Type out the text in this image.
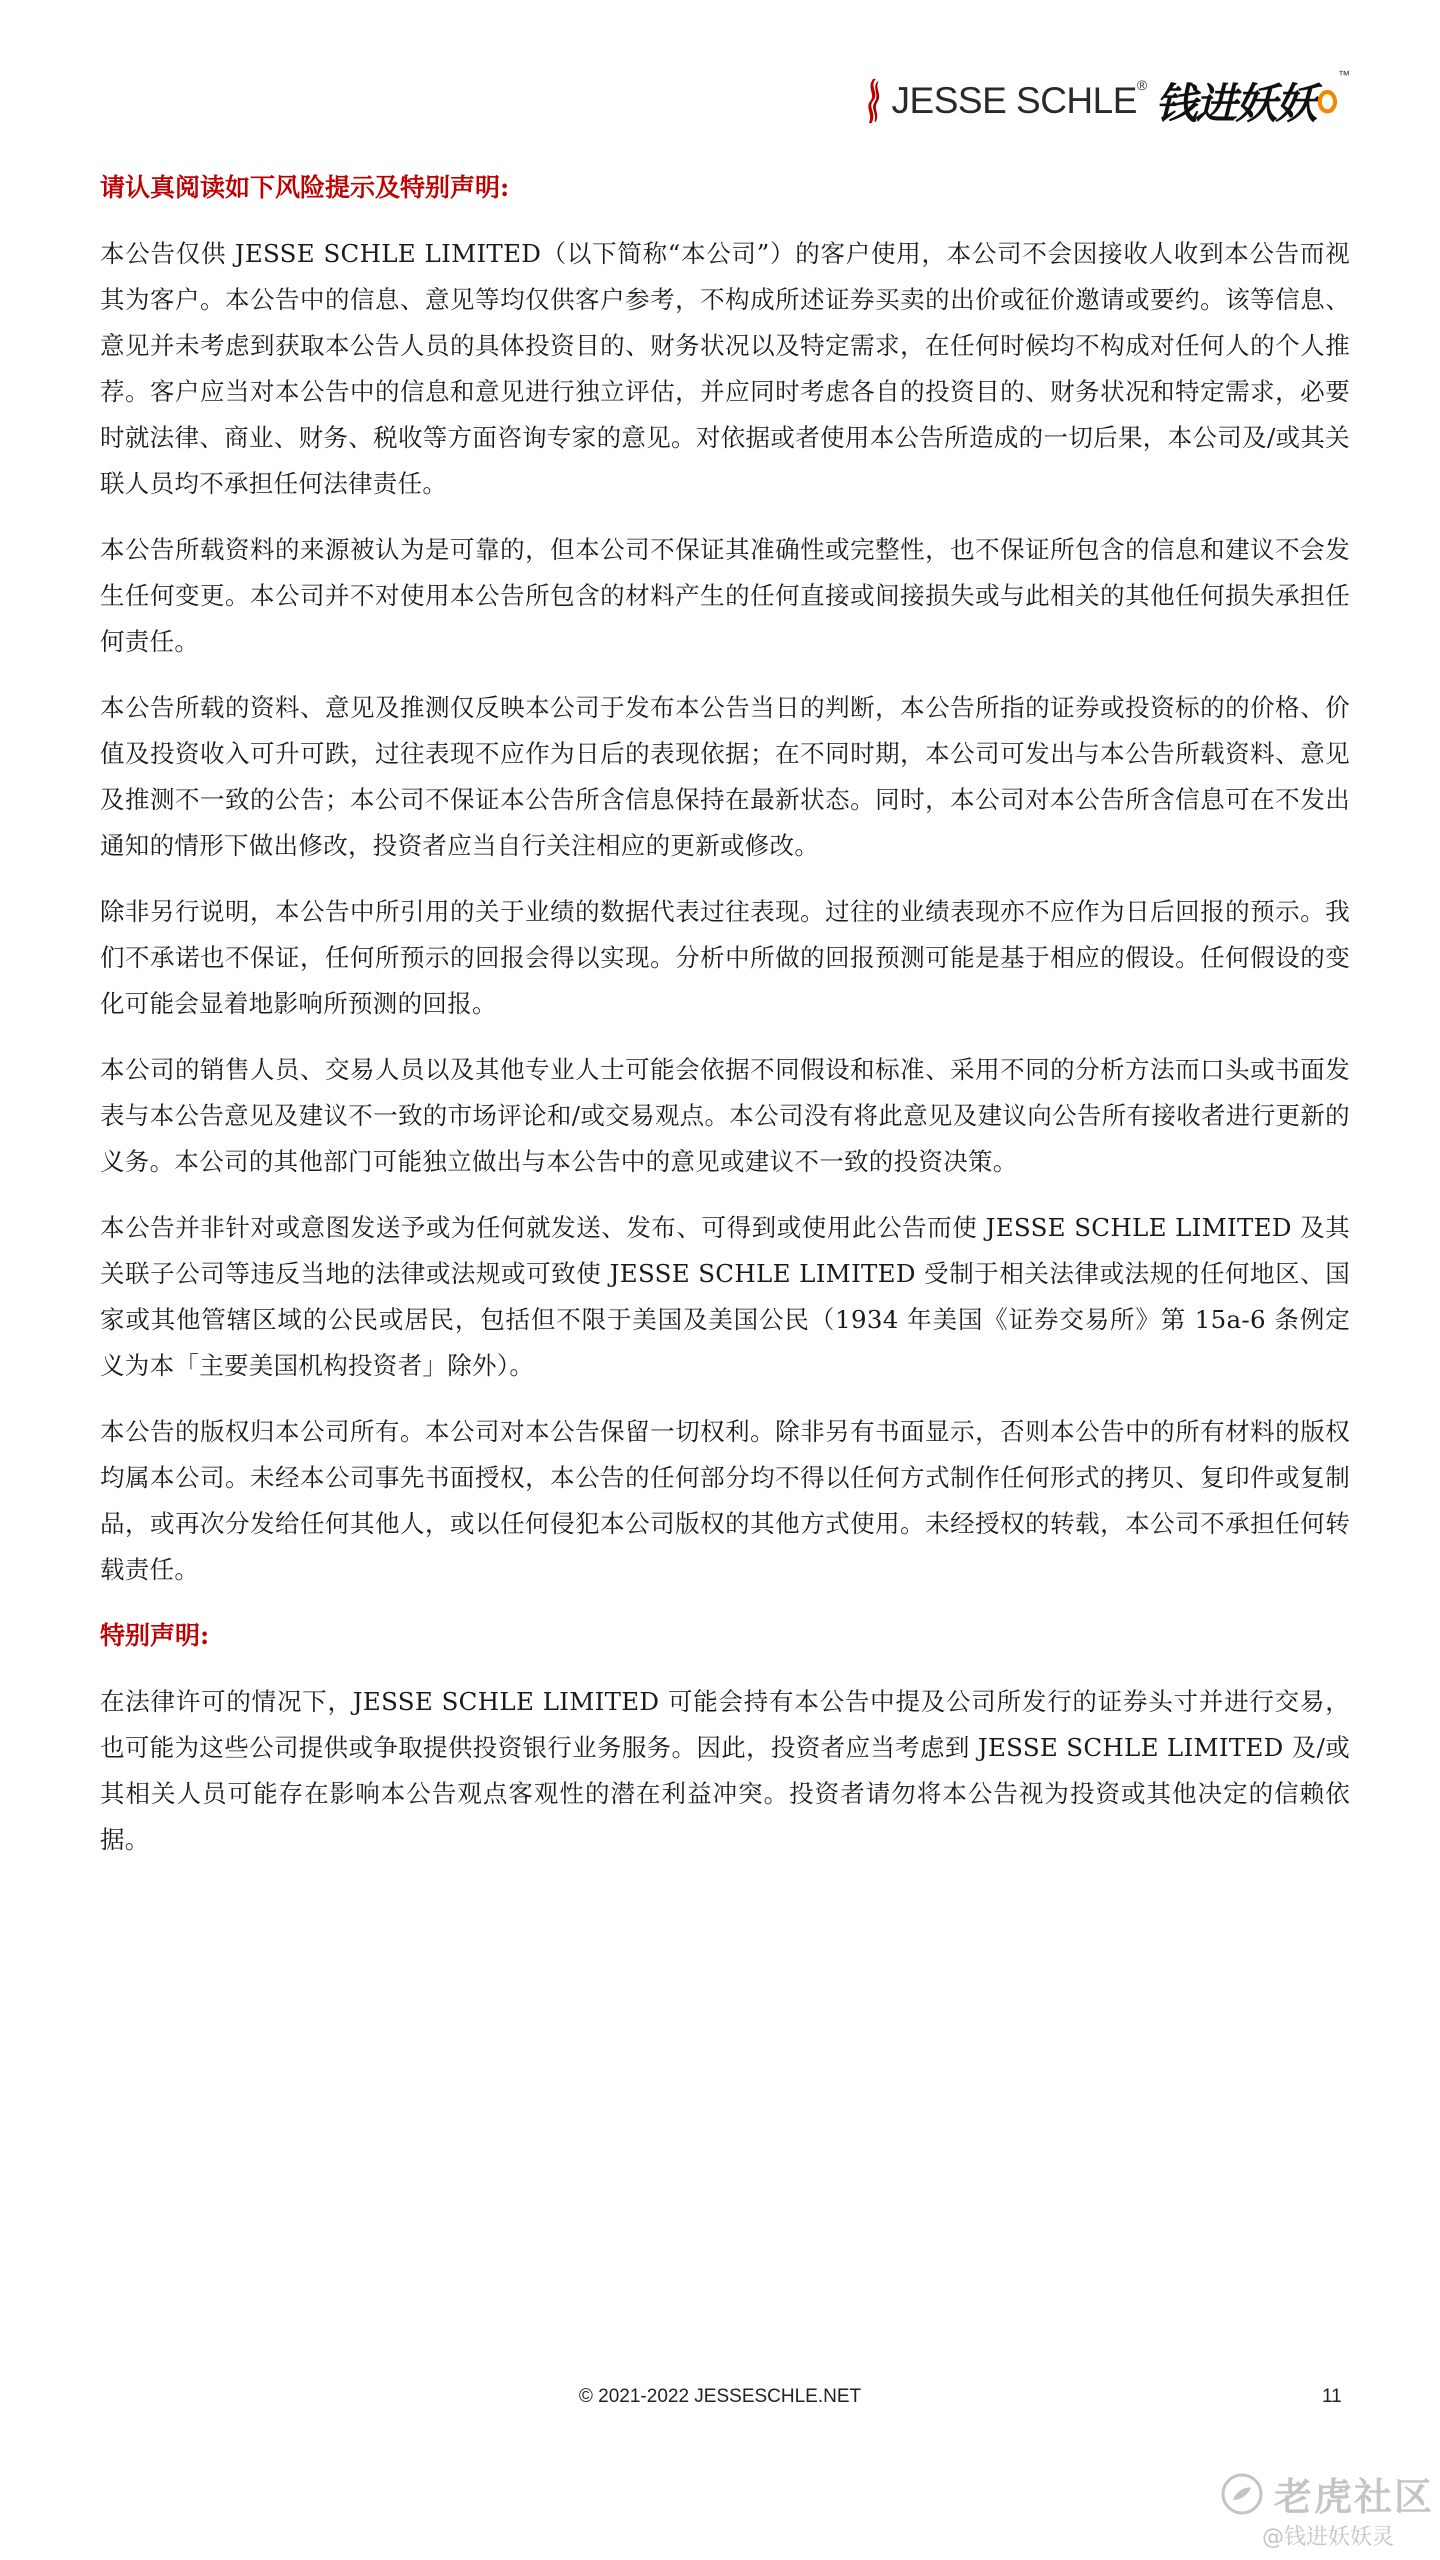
JESSE SCHLE ® 钱进妖妖
™
请认真阅读如下风险提示及特别声明:

本公告仅供 JESSE SCHLE LIMITED（以下简称“本公司”）的客户使用，本公司不会因接收人收到本公告而视其为客户。本公告中的信息、意见等均仅供客户参考，不构成所述证券买卖的出价或征价邀请或要约。该等信息、意见并未考虑到获取本公告人员的具体投资目的、财务状况以及特定需求，在任何时候均不构成对任何人的个人推荐。客户应当对本公告中的信息和意见进行独立评估，并应同时考虑各自的投资目的、财务状况和特定需求，必要时就法律、商业、财务、税收等方面咨询专家的意见。对依据或者使用本公告所造成的一切后果，本公司及/或其关联人员均不承担任何法律责任。

本公告所载资料的来源被认为是可靠的，但本公司不保证其准确性或完整性，也不保证所包含的信息和建议不会发生任何变更。本公司并不对使用本公告所包含的材料产生的任何直接或间接损失或与此相关的其他任何损失承担任何责任。

本公告所载的资料、意见及推测仅反映本公司于发布本公告当日的判断，本公告所指的证券或投资标的的价格、价值及投资收入可升可跌，过往表现不应作为日后的表现依据；在不同时期，本公司可发出与本公告所载资料、意见及推测不一致的公告；本公司不保证本公告所含信息保持在最新状态。同时，本公司对本公告所含信息可在不发出通知的情形下做出修改，投资者应当自行关注相应的更新或修改。

除非另行说明，本公告中所引用的关于业绩的数据代表过往表现。过往的业绩表现亦不应作为日后回报的预示。我们不承诺也不保证，任何所预示的回报会得以实现。分析中所做的回报预测可能是基于相应的假设。任何假设的变化可能会显着地影响所预测的回报。

本公司的销售人员、交易人员以及其他专业人士可能会依据不同假设和标准、采用不同的分析方法而口头或书面发表与本公告意见及建议不一致的市场评论和/或交易观点。本公司没有将此意见及建议向公告所有接收者进行更新的义务。本公司的其他部门可能独立做出与本公告中的意见或建议不一致的投资决策。

本公告并非针对或意图发送予或为任何就发送、发布、可得到或使用此公告而使 JESSE SCHLE LIMITED 及其关联子公司等违反当地的法律或法规或可致使 JESSE SCHLE LIMITED 受制于相关法律或法规的任何地区、国家或其他管辖区域的公民或居民，包括但不限于美国及美国公民（1934 年美国《证券交易所》第 15a-6 条例定义为本「主要美国机构投资者」除外）。

本公告的版权归本公司所有。本公司对本公告保留一切权利。除非另有书面显示，否则本公告中的所有材料的版权均属本公司。未经本公司事先书面授权，本公告的任何部分均不得以任何方式制作任何形式的拷贝、复印件或复制品，或再次分发给任何其他人，或以任何侵犯本公司版权的其他方式使用。未经授权的转载，本公司不承担任何转载责任。

特别声明:

在法律许可的情况下，JESSE SCHLE LIMITED 可能会持有本公告中提及公司所发行的证券头寸并进行交易，也可能为这些公司提供或争取提供投资银行业务服务。因此，投资者应当考虑到 JESSE SCHLE LIMITED 及/或其相关人员可能存在影响本公告观点客观性的潜在利益冲突。投资者请勿将本公告视为投资或其他决定的信赖依据。

© 2021-2022 JESSESCHLE.NET	11
老虎社区
@钱进妖妖灵
